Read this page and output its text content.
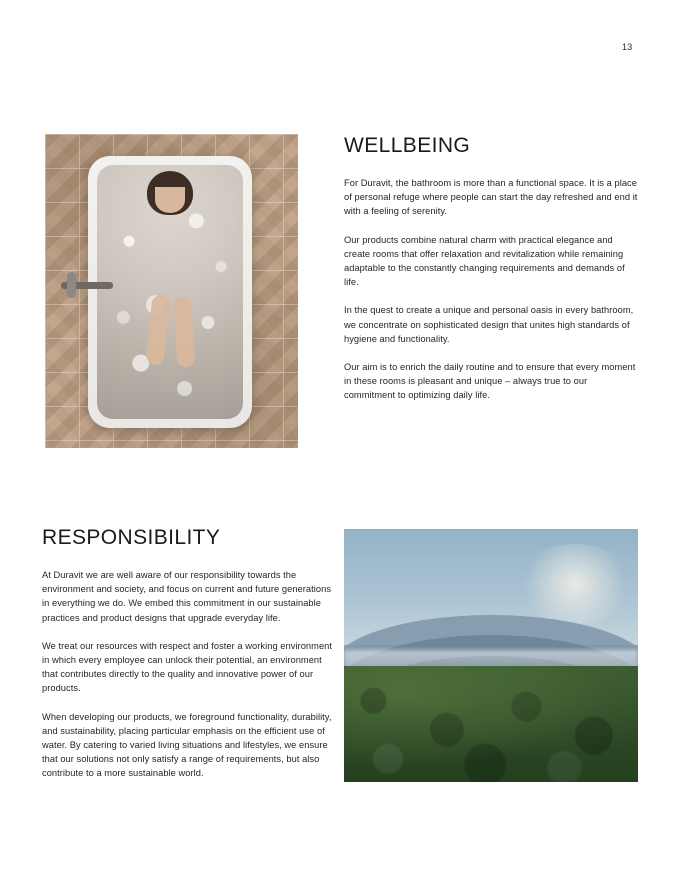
13
WELLBEING

For Duravit, the bathroom is more than a functional space. It is a place of personal refuge where people can start the day refreshed and end it with a feeling of serenity.

Our products combine natural charm with practical elegance and create rooms that offer relaxation and revitalization while remaining adaptable to the constantly changing requirements and demands of life.

In the quest to create a unique and personal oasis in every bathroom, we concentrate on sophisticated design that unites high standards of hygiene and functionality.

Our aim is to enrich the daily routine and to ensure that every moment in these rooms is pleasant and unique – always true to our commitment to optimizing daily life.

RESPONSIBILITY

At Duravit we are well aware of our responsibility towards the environment and society, and focus on current and future generations in everything we do. We embed this commitment in our sustainable practices and product designs that upgrade everyday life.

We treat our resources with respect and foster a working environment in which every employee can unlock their potential, an environment that contributes directly to the quality and innovative power of our products.

When developing our products, we foreground functionality, durability, and sustainability, placing particular emphasis on the efficient use of water. By catering to varied living situations and lifestyles, we ensure that our solutions not only satisfy a range of requirements, but also contribute to a more sustainable world.
